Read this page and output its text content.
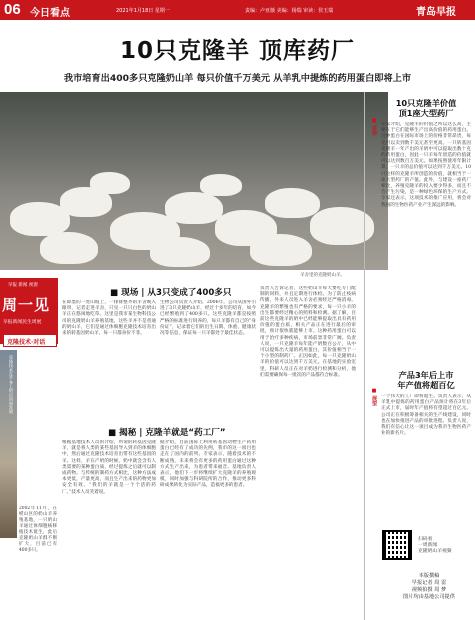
06 今日看点	2021年1月18日 星期一	责编：卢亚薇 美编：杨瑞 审读：侯玉瑞	青岛早报
10只克隆羊 顶库药厂
我市培育出400多只克隆奶山羊 每只价值千万美元 从羊乳中提炼的药用蛋白即将上市
羊舍里的克隆奶山羊。
早报 新闻 视窗
周一见
早报新闻民生周展
克隆技术·对话
克隆技术在羊身上的应用和发展
2002年11月，在崂山区的奶山羊养殖基地，一只奶山羊通过体细胞核移植技术诞生，此后克隆奶山羊群不断扩大，目前已有400多只。
■ 现场 | 从3只变成了400多只
■ 揭秘 | 克隆羊就是“药工厂”
在即墨的一处山坡上，一排排整齐的羊舍映入眼帘，记者走进羊舍，只见一只只白色的奶山羊正在悠闲地吃草。这里是我市某生物科技公司的克隆奶山羊养殖基地，这些羊并不是普通的奶山羊，它们是通过体细胞克隆技术培育出来的转基因奶山羊，每一只都身价不菲。
生物公司负责人介绍，2006年，公司从国外引进了3只克隆奶山羊，经过十多年的培育，如今已经繁殖到了400多只。这些克隆羊都是按照严格的标准进行饲养的，每只羊都有自己的“身份证”，记录着它们的出生日期、体重、健康状况等信息，保证每一只羊都处于最佳状态。
负责人告诉记者，这些奶山羊每天要吃专门配制的饲料，并且定期进行体检。为了防止疫病传播，外来人员进入羊舍必须经过严格消毒。克隆羊的繁殖也有严格的要求，每一只小羊的出生都要经过精心的照料和检测。据了解，目前这些克隆羊的奶中已经能够提取出具有药用价值的蛋白质，相关产品正在进行最后的审批，预计很快就能够上市。这种药用蛋白可以用于治疗多种疾病，市场前景非常广阔。负责人说，一只克隆羊每年能产奶数百公斤，从中可以提炼出大量的药用蛋白，其价值相当于一个小型的制药厂。正因如此，每一只克隆奶山羊的价值可以达到千万美元。在基地的实验室里，科研人员正在对羊奶进行检测和分析，他们需要确保每一批次的产品都符合标准。
根据基地技术人员的介绍，所谓的转基因克隆羊，就是将人类的某些基因导入到羊的体细胞中，然后通过克隆技术培育出带有这些基因的羊。这样，羊在产奶的时候，奶中就会含有人类需要的某种蛋白质，经过提炼之后就可以制成药物。与传统的制药方式相比，这种方法成本更低，产量更高，而且生产出来的药物更加安全有效。“我们的羊就是一个个活的药厂。”技术人员笑着说。
据介绍，目前国际上利用转基因动物生产药用蛋白已经有了成功的先例，我市的这一项目也走在了国内的前列。专家表示，随着技术的不断成熟，未来将会有更多的药用蛋白通过这种方式生产出来，为患者带来福音。基地负责人表示，他们下一步将继续扩大克隆羊的养殖规模，同时加强与科研院所的合作，推动更多科研成果转化为实际产品，造福更多的患者。
■ 延伸
10只克隆羊价值
顶1座大型药厂
专家介绍，克隆羊的价值之所以这么高，主要在于它们能够生产出高价值的药用蛋白。这种蛋白在国际市场上的价格非常昂贵，每克可以卖到数千美元甚至更高。一只转基因克隆羊一年产出的羊奶中可以提取出数十克的药用蛋白，因此一只羊每年创造的价值就可以达到数百万美元。如果按照使用年限计算，一只羊的总价值可以达到千万美元。10只这样的克隆羊所创造的价值，就相当于一座大型药厂的产值。此外，与建设一座药厂相比，养殖克隆羊的投入要少得多，而且不会产生污染，是一种绿色环保的生产方式。专家还表示，这项技术的推广应用，将会对我国的生物医药产业产生深远的影响。
■ 展望
产品3年后上市
年产值将超百亿
一个伟大的工厂即将诞生。负责人表示，从羊乳中提炼的药用蛋白产品预计将在3年后正式上市，届时年产值将有望超过百亿元。公司正在积极筹备相关的生产线建设，同时也在加快推进产品的审批进程。负责人说，我们有信心让这一项目成为我市生物医药产业的新名片。
扫码看
一周新闻
克隆奶山羊视频
本版撰稿
早报记者 周 雷
视频拍摄 周 梦
图片均由基地公司提供
